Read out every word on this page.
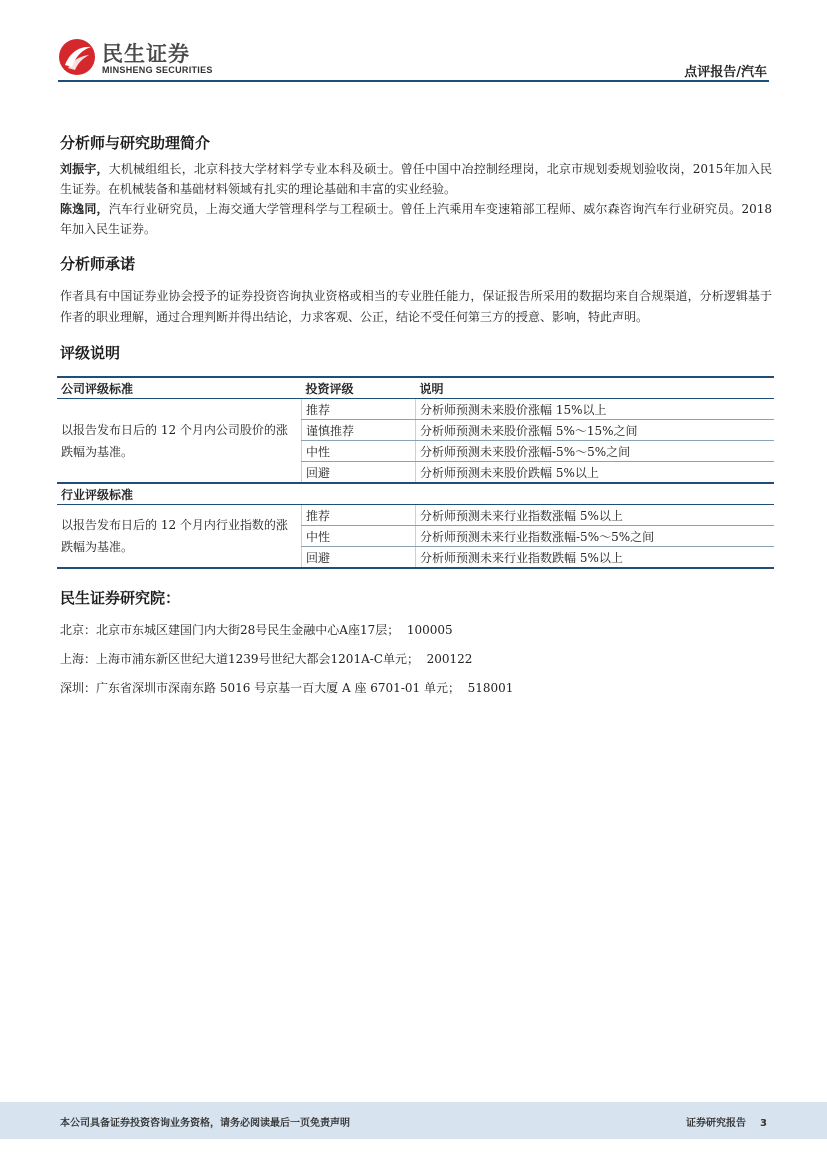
民生证券
MINSHENG SECURITIES	点评报告/汽车
分析师与研究助理简介

刘振宇，大机械组组长，北京科技大学材料学专业本科及硕士。曾任中国中冶控制经理岗，北京市规划委规划验收岗，2015年加入民生证券。在机械装备和基础材料领域有扎实的理论基础和丰富的实业经验。

陈逸同，汽车行业研究员，上海交通大学管理科学与工程硕士。曾任上汽乘用车变速箱部工程师、威尔森咨询汽车行业研究员。2018年加入民生证券。

分析师承诺

作者具有中国证券业协会授予的证券投资咨询执业资格或相当的专业胜任能力，保证报告所采用的数据均来自合规渠道，分析逻辑基于作者的职业理解，通过合理判断并得出结论，力求客观、公正，结论不受任何第三方的授意、影响，特此声明。

评级说明
公司评级标准	投资评级	说明
以报告发布日后的 12 个月内公司股价的涨跌幅为基准。	推荐	分析师预测未来股价涨幅 15%以上
	谨慎推荐	分析师预测未来股价涨幅 5%～15%之间
	中性	分析师预测未来股价涨幅-5%～5%之间
	回避	分析师预测未来股价跌幅 5%以上
行业评级标准		
以报告发布日后的 12 个月内行业指数的涨跌幅为基准。	推荐	分析师预测未来行业指数涨幅 5%以上
	中性	分析师预测未来行业指数涨幅-5%～5%之间
	回避	分析师预测未来行业指数跌幅 5%以上
民生证券研究院：

北京：北京市东城区建国门内大街28号民生金融中心A座17层；  100005

上海：上海市浦东新区世纪大道1239号世纪大都会1201A-C单元；  200122

深圳：广东省深圳市深南东路 5016 号京基一百大厦 A 座 6701-01 单元；  518001

本公司具备证券投资咨询业务资格，请务必阅读最后一页免责声明	证券研究报告 3
